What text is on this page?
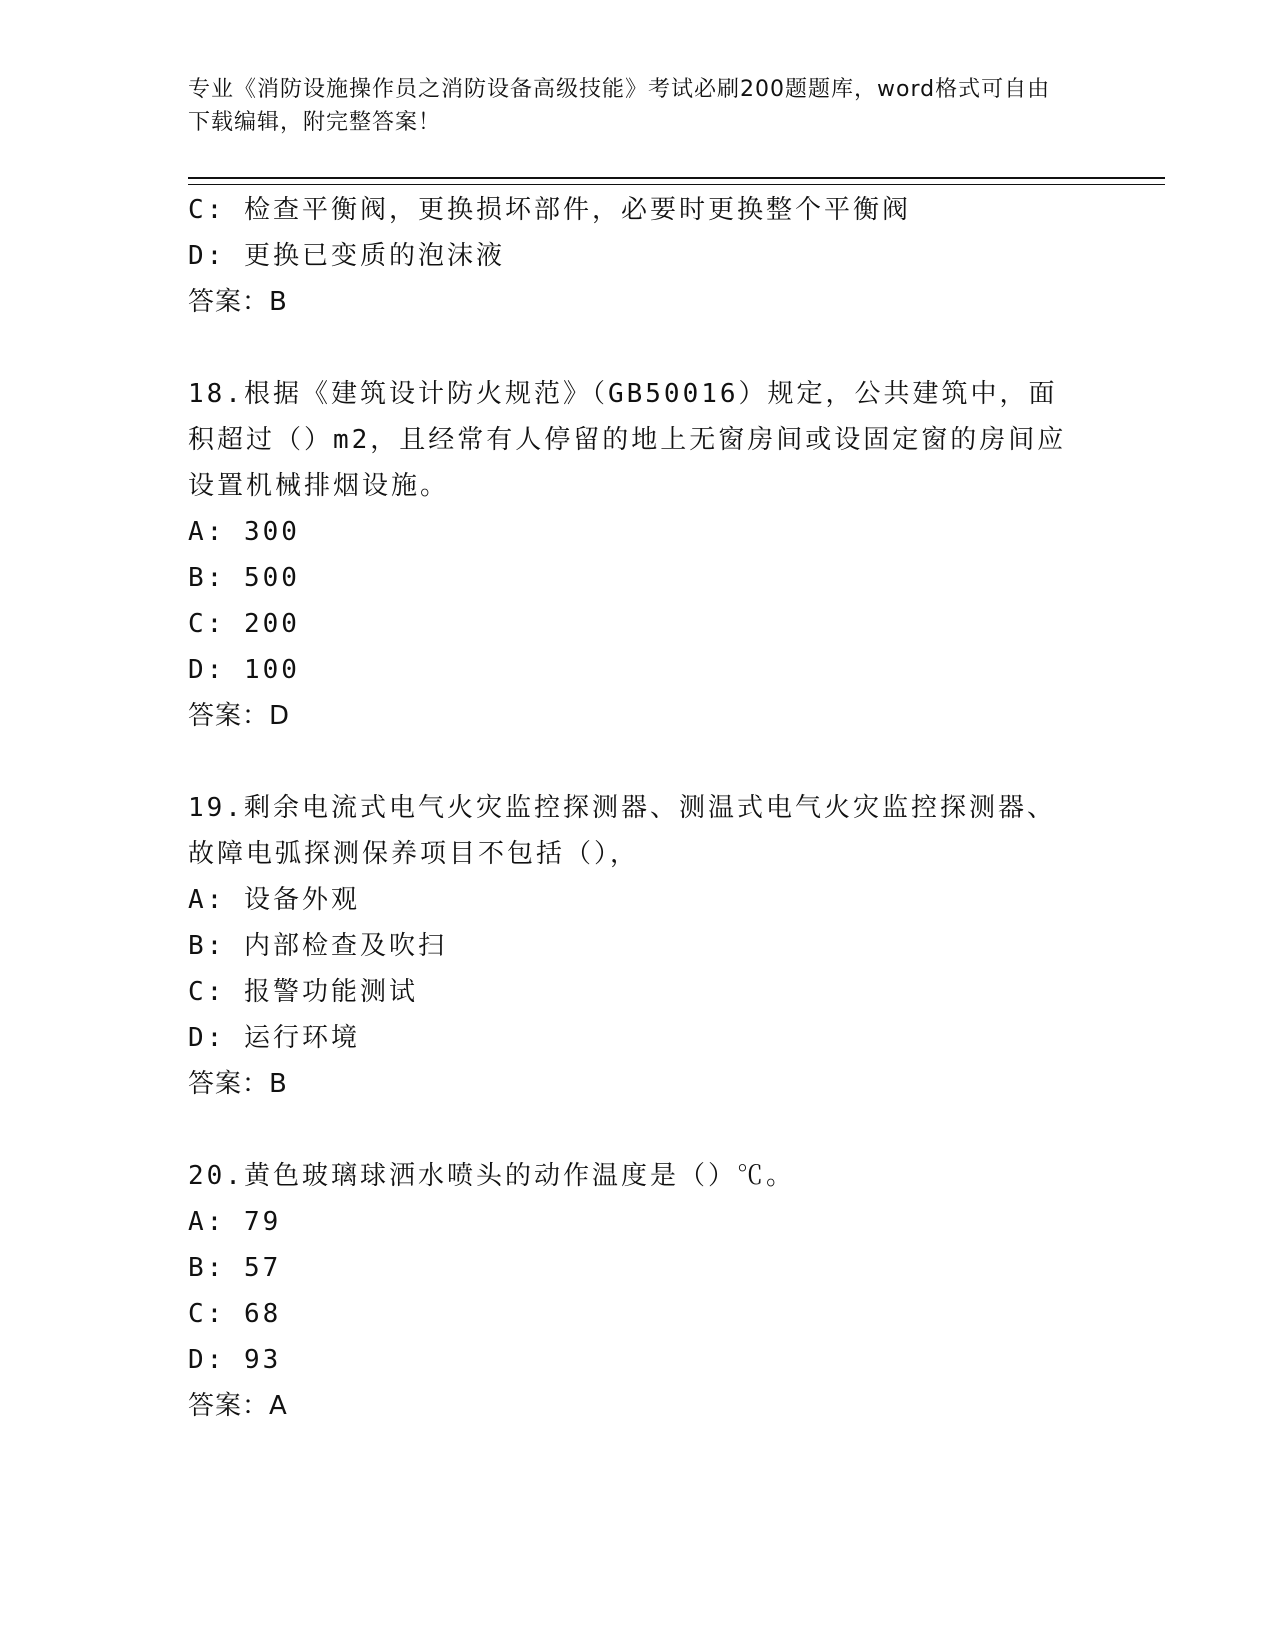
专业《消防设施操作员之消防设备高级技能》考试必刷200题题库，word格式可自由下载编辑，附完整答案！
C: 检查平衡阀，更换损坏部件，必要时更换整个平衡阀
D: 更换已变质的泡沫液
答案：B
18.根据《建筑设计防火规范》（GB50016）规定，公共建筑中，面积超过（）m2，且经常有人停留的地上无窗房间或设固定窗的房间应设置机械排烟设施。
A: 300
B: 500
C: 200
D: 100
答案：D
19.剩余电流式电气火灾监控探测器、测温式电气火灾监控探测器、故障电弧探测保养项目不包括（），
A: 设备外观
B: 内部检查及吹扫
C: 报警功能测试
D: 运行环境
答案：B
20.黄色玻璃球洒水喷头的动作温度是（）℃。
A: 79
B: 57
C: 68
D: 93
答案：A
